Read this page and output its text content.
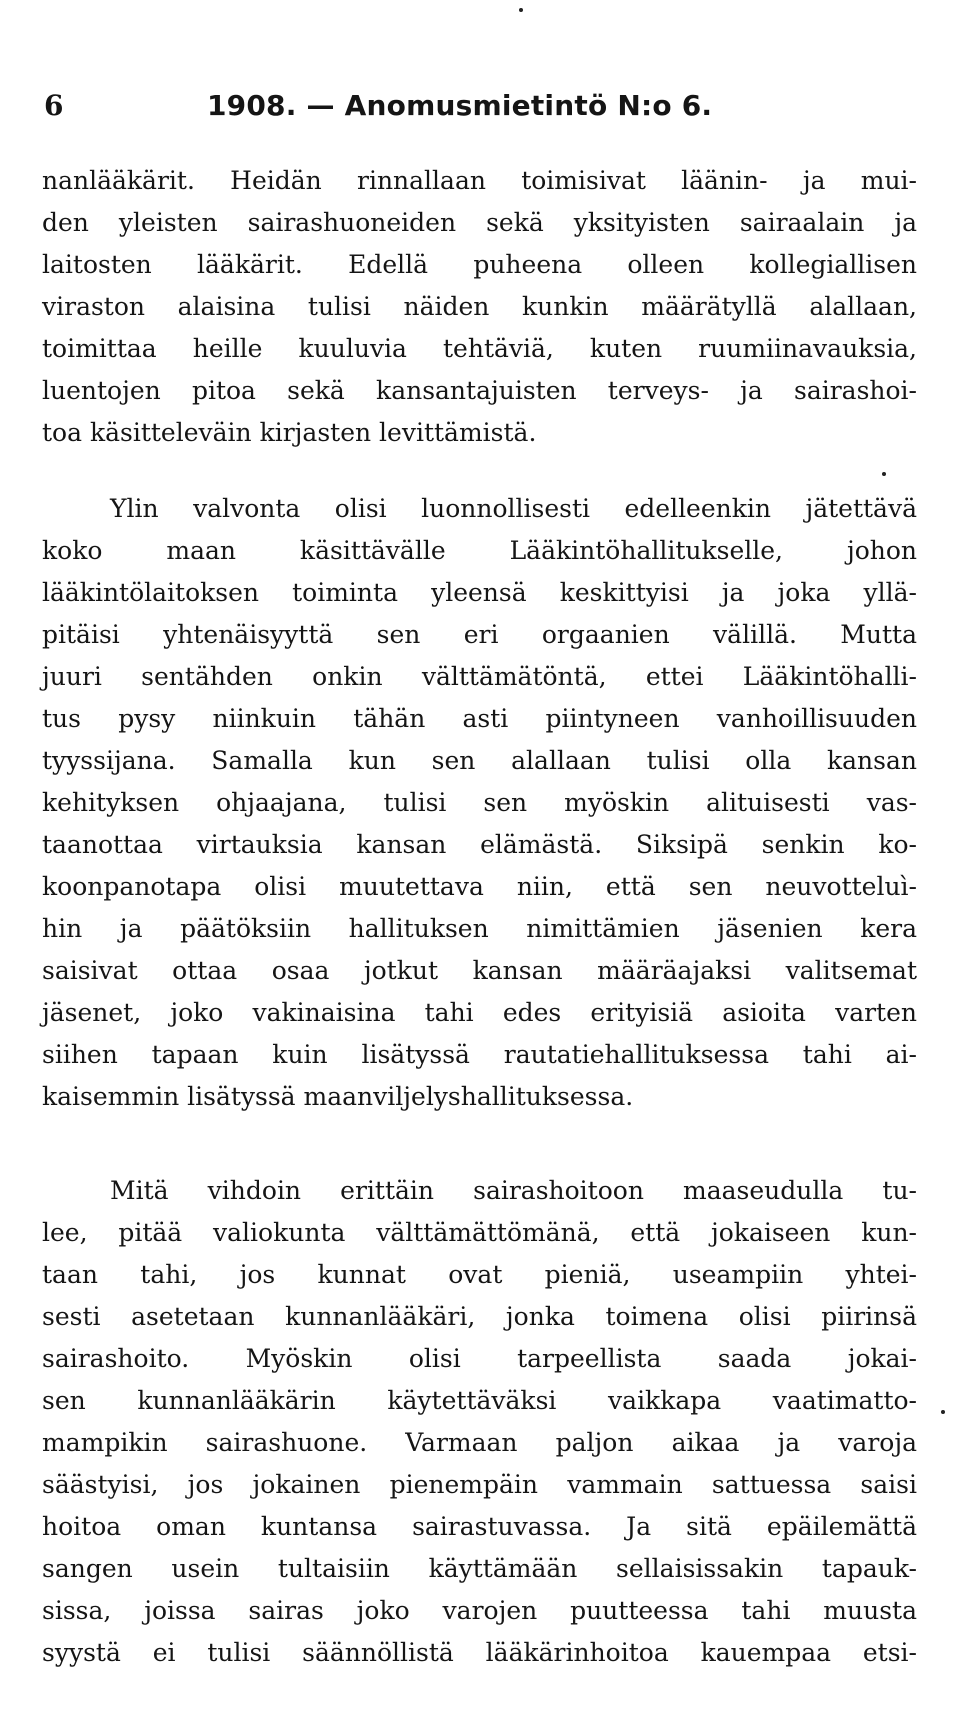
6	1908. — Anomusmietintö N:o 6.
nanlääkärit. Heidän rinnallaan toimisivat läänin- ja mui-
den yleisten sairashuoneiden sekä yksityisten sairaalain ja
laitosten lääkärit. Edellä puheena olleen kollegiallisen
viraston alaisina tulisi näiden kunkin määrätyllä alallaan,
toimittaa heille kuuluvia tehtäviä, kuten ruumiinavauksia,
luentojen pitoa sekä kansantajuisten terveys- ja sairashoi-
toa käsitteleväin kirjasten levittämistä.
Ylin valvonta olisi luonnollisesti edelleenkin jätettävä
koko maan käsittävälle Lääkintöhallitukselle, johon
lääkintölaitoksen toiminta yleensä keskittyisi ja joka yllä-
pitäisi yhtenäisyyttä sen eri orgaanien välillä. Mutta
juuri sentähden onkin välttämätöntä, ettei Lääkintöhalli-
tus pysy niinkuin tähän asti piintyneen vanhoillisuuden
tyyssijana. Samalla kun sen alallaan tulisi olla kansan
kehityksen ohjaajana, tulisi sen myöskin alituisesti vas-
taanottaa virtauksia kansan elämästä. Siksipä senkin ko-
koonpanotapa olisi muutettava niin, että sen neuvotteluì-
hin ja päätöksiin hallituksen nimittämien jäsenien kera
saisivat ottaa osaa jotkut kansan määräajaksi valitsemat
jäsenet, joko vakinaisina tahi edes erityisiä asioita varten
siihen tapaan kuin lisätyssä rautatiehallituksessa tahi ai-
kaisemmin lisätyssä maanviljelyshallituksessa.
Mitä vihdoin erittäin sairashoitoon maaseudulla tu-
lee, pitää valiokunta välttämättömänä, että jokaiseen kun-
taan tahi, jos kunnat ovat pieniä, useampiin yhtei-
sesti asetetaan kunnanlääkäri, jonka toimena olisi piirinsä
sairashoito. Myöskin olisi tarpeellista saada jokai-
sen kunnanlääkärin käytettäväksi vaikkapa vaatimatto-
mampikin sairashuone. Varmaan paljon aikaa ja varoja
säästyisi, jos jokainen pienempäin vammain sattuessa saisi
hoitoa oman kuntansa sairastuvassa. Ja sitä epäilemättä
sangen usein tultaisiin käyttämään sellaisissakin tapauk-
sissa, joissa sairas joko varojen puutteessa tahi muusta
syystä ei tulisi säännöllistä lääkärinhoitoa kauempaa etsi-
